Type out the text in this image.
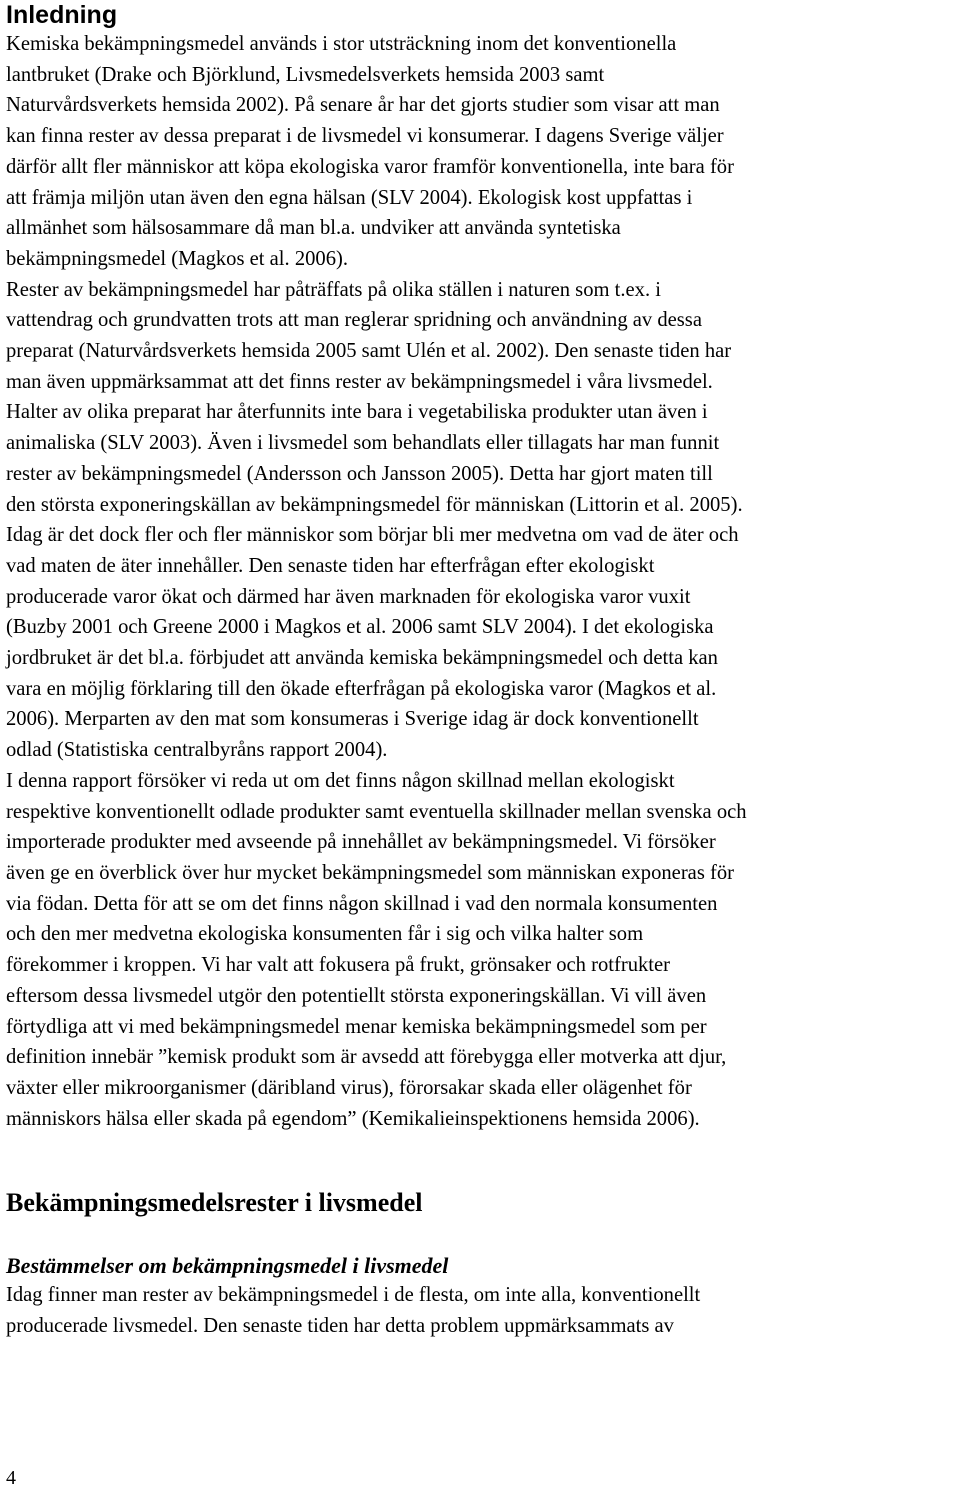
Inledning

Kemiska bekämpningsmedel används i stor utsträckning inom det konventionella
lantbruket (Drake och Björklund, Livsmedelsverkets hemsida 2003 samt
Naturvårdsverkets hemsida 2002). På senare år har det gjorts studier som visar att man
kan finna rester av dessa preparat i de livsmedel vi konsumerar. I dagens Sverige väljer
därför allt fler människor att köpa ekologiska varor framför konventionella, inte bara för
att främja miljön utan även den egna hälsan (SLV 2004). Ekologisk kost uppfattas i
allmänhet som hälsosammare då man bl.a. undviker att använda syntetiska
bekämpningsmedel (Magkos et al. 2006).

Rester av bekämpningsmedel har påträffats på olika ställen i naturen som t.ex. i
vattendrag och grundvatten trots att man reglerar spridning och användning av dessa
preparat (Naturvårdsverkets hemsida 2005 samt Ulén et al. 2002). Den senaste tiden har
man även uppmärksammat att det finns rester av bekämpningsmedel i våra livsmedel.
Halter av olika preparat har återfunnits inte bara i vegetabiliska produkter utan även i
animaliska (SLV 2003). Även i livsmedel som behandlats eller tillagats har man funnit
rester av bekämpningsmedel (Andersson och Jansson 2005). Detta har gjort maten till
den största exponeringskällan av bekämpningsmedel för människan (Littorin et al. 2005).
Idag är det dock fler och fler människor som börjar bli mer medvetna om vad de äter och
vad maten de äter innehåller. Den senaste tiden har efterfrågan efter ekologiskt
producerade varor ökat och därmed har även marknaden för ekologiska varor vuxit
(Buzby 2001 och Greene 2000 i Magkos et al. 2006 samt SLV 2004). I det ekologiska
jordbruket är det bl.a. förbjudet att använda kemiska bekämpningsmedel och detta kan
vara en möjlig förklaring till den ökade efterfrågan på ekologiska varor (Magkos et al.
2006). Merparten av den mat som konsumeras i Sverige idag är dock konventionellt
odlad (Statistiska centralbyråns rapport 2004).

I denna rapport försöker vi reda ut om det finns någon skillnad mellan ekologiskt
respektive konventionellt odlade produkter samt eventuella skillnader mellan svenska och
importerade produkter med avseende på innehållet av bekämpningsmedel. Vi försöker
även ge en överblick över hur mycket bekämpningsmedel som människan exponeras för
via födan. Detta för att se om det finns någon skillnad i vad den normala konsumenten
och den mer medvetna ekologiska konsumenten får i sig och vilka halter som
förekommer i kroppen. Vi har valt att fokusera på frukt, grönsaker och rotfrukter
eftersom dessa livsmedel utgör den potentiellt största exponeringskällan. Vi vill även
förtydliga att vi med bekämpningsmedel menar kemiska bekämpningsmedel som per
definition innebär ”kemisk produkt som är avsedd att förebygga eller motverka att djur,
växter eller mikroorganismer (däribland virus), förorsakar skada eller olägenhet för
människors hälsa eller skada på egendom” (Kemikalieinspektionens hemsida 2006).

Bekämpningsmedelsrester i livsmedel
Bestämmelser om bekämpningsmedel i livsmedel

Idag finner man rester av bekämpningsmedel i de flesta, om inte alla, konventionellt
producerade livsmedel. Den senaste tiden har detta problem uppmärksammats av

4
